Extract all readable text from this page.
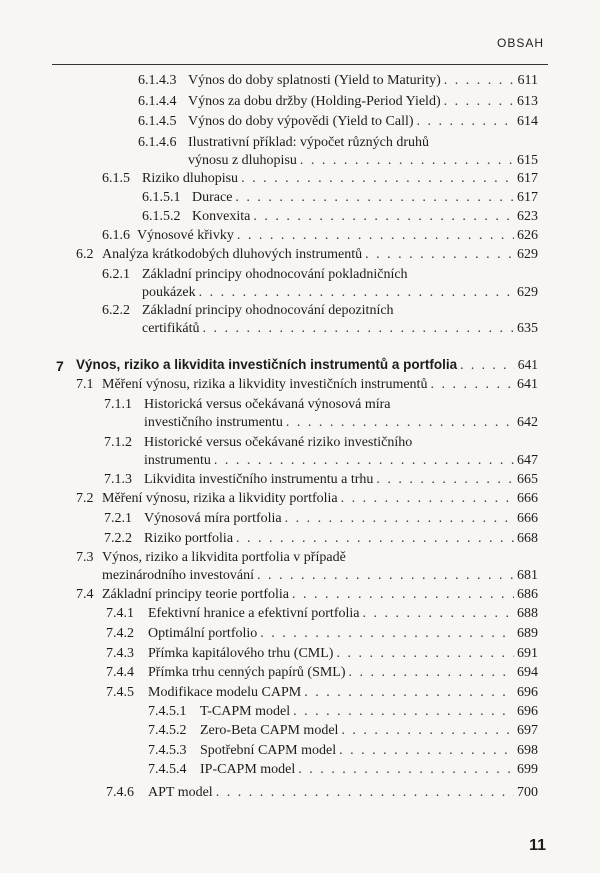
OBSAH
6.1.4.3 Výnos do doby splatnosti (Yield to Maturity) . . .	611
6.1.4.4 Výnos za dobu držby (Holding-Period Yield) . . .	613
6.1.4.5 Výnos do doby výpovědi (Yield to Call) . . .	614
6.1.4.6 Ilustrativní příklad: výpočet různých druhů
výnosu z dluhopisu . . .	615
6.1.5 Riziko dluhopisu . . .	617
6.1.5.1 Durace . . .	617
6.1.5.2 Konvexita . . .	623
6.1.6 Výnosové křivky . . .	626
6.2 Analýza krátkodobých dluhových instrumentů . . .	629
6.2.1 Základní principy ohodnocování pokladničních
poukázek . . .	629
6.2.2 Základní principy ohodnocování depozitních
certifikátů . . .	635
7 Výnos, riziko a likvidita investičních instrumentů a portfolia . . .	641
7.1 Měření výnosu, rizika a likvidity investičních instrumentů . . .	641
7.1.1 Historická versus očekávaná výnosová míra
investičního instrumentu . . .	642
7.1.2 Historické versus očekávané riziko investičního
instrumentu . . .	647
7.1.3 Likvidita investičního instrumentu a trhu . . .	665
7.2 Měření výnosu, rizika a likvidity portfolia . . .	666
7.2.1 Výnosová míra portfolia . . .	666
7.2.2 Riziko portfolia . . .	668
7.3 Výnos, riziko a likvidita portfolia v případě
mezinárodního investování . . .	681
7.4 Základní principy teorie portfolia . . .	686
7.4.1	Efektivní hranice a efektivní portfolia . . .	688
7.4.2	Optimální portfolio . . .	689
7.4.3	Přímka kapitálového trhu (CML) . . .	691
7.4.4	Přímka trhu cenných papírů (SML) . . .	694
7.4.5	Modifikace modelu CAPM . . .	696
7.4.5.1 T-CAPM model . . .	696
7.4.5.2 Zero-Beta CAPM model . . .	697
7.4.5.3 Spotřební CAPM model . . .	698
7.4.5.4 IP-CAPM model . . .	699
7.4.6	APT model . . .	700
11
